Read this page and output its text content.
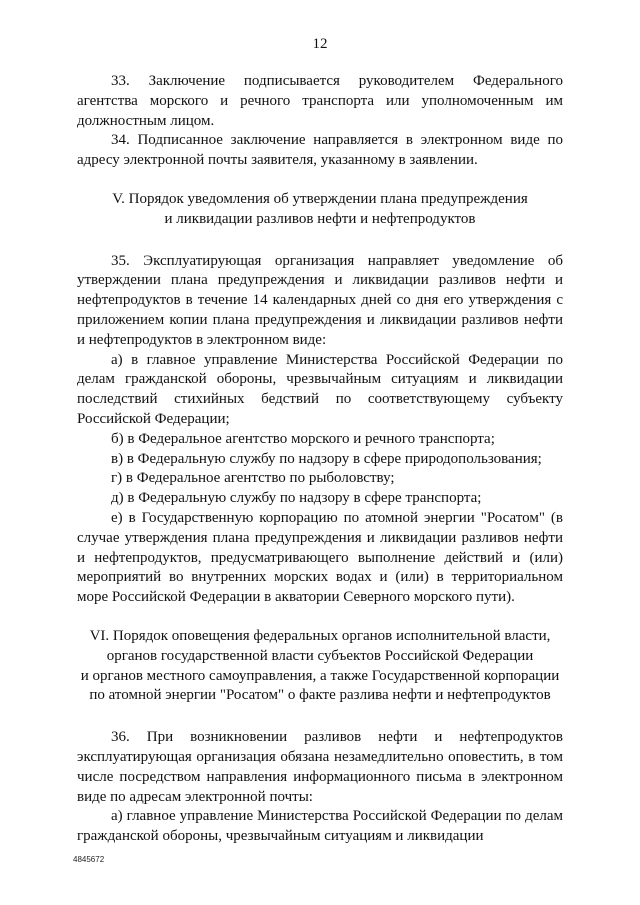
12

33. Заключение подписывается руководителем Федерального агентства морского и речного транспорта или уполномоченным им должностным лицом.

34. Подписанное заключение направляется в электронном виде по адресу электронной почты заявителя, указанному в заявлении.

V. Порядок уведомления об утверждении плана предупреждения

и ликвидации разливов нефти и нефтепродуктов

35. Эксплуатирующая организация направляет уведомление об утверждении плана предупреждения и ликвидации разливов нефти и нефтепродуктов в течение 14 календарных дней со дня его утверждения с приложением копии плана предупреждения и ликвидации разливов нефти и нефтепродуктов в электронном виде:

а) в главное управление Министерства Российской Федерации по делам гражданской обороны, чрезвычайным ситуациям и ликвидации последствий стихийных бедствий по соответствующему субъекту Российской Федерации;

б) в Федеральное агентство морского и речного транспорта;

в) в Федеральную службу по надзору в сфере природопользования;

г) в Федеральное агентство по рыболовству;

д) в Федеральную службу по надзору в сфере транспорта;

е) в Государственную корпорацию по атомной энергии "Росатом" (в случае утверждения плана предупреждения и ликвидации разливов нефти и нефтепродуктов, предусматривающего выполнение действий и (или) мероприятий во внутренних морских водах и (или) в территориальном море Российской Федерации в акватории Северного морского пути).

VI. Порядок оповещения федеральных органов исполнительной власти,

органов государственной власти субъектов Российской Федерации

и органов местного самоуправления, а также Государственной корпорации

по атомной энергии "Росатом" о факте разлива нефти и нефтепродуктов

36. При возникновении разливов нефти и нефтепродуктов эксплуатирующая организация обязана незамедлительно оповестить, в том числе посредством направления информационного письма в электронном виде по адресам электронной почты:

а) главное управление Министерства Российской Федерации по делам гражданской обороны, чрезвычайным ситуациям и ликвидации

4845672
